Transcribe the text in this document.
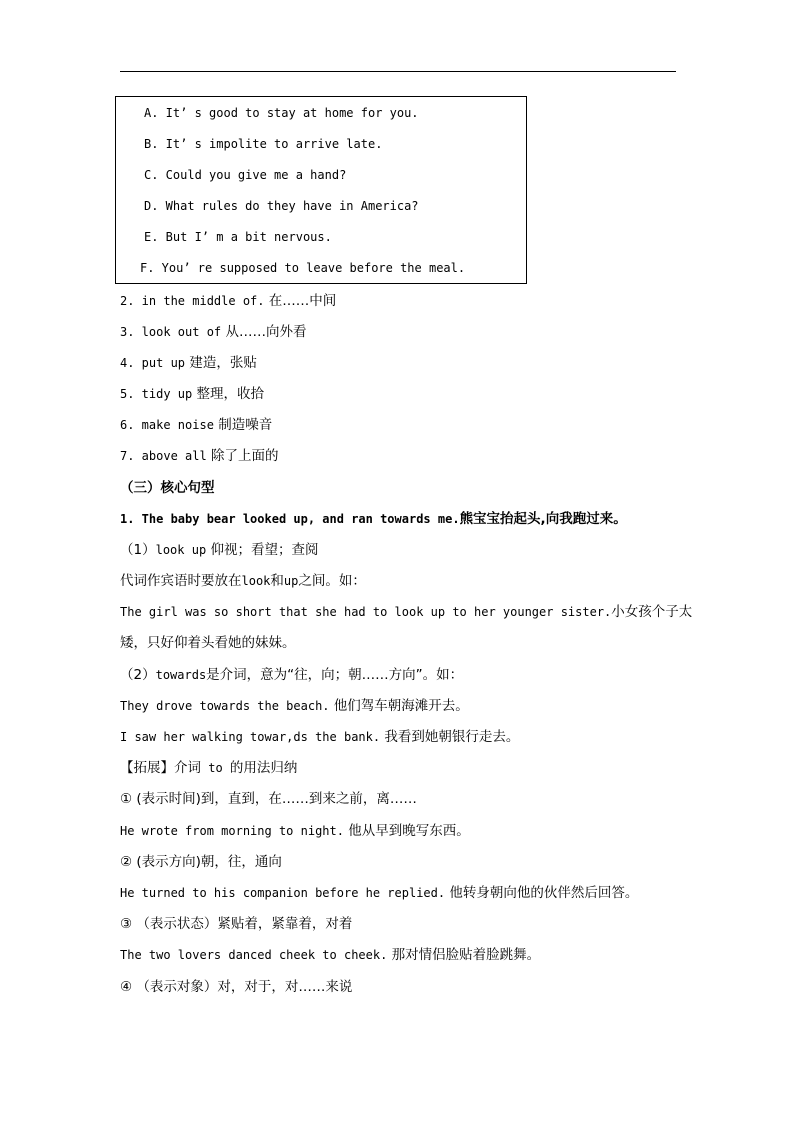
A. It’ s good to stay at home for you.
B. It’ s impolite to arrive late.
C. Could you give me a hand?
D. What rules do they have in America?
E. But I’ m a bit nervous.
F. You’ re supposed to leave before the meal.
2. in the middle of. 在……中间
3. look out of 从……向外看
4. put up 建造，张贴
5. tidy up 整理，收拾
6. make noise 制造噪音
7. above all 除了上面的
（三）核心句型
1. The baby bear looked up, and ran towards me.熊宝宝抬起头,向我跑过来。
（1）look up 仰视；看望；查阅
代词作宾语时要放在look和up之间。如：
The girl was so short that she had to look up to her younger sister.小女孩个子太
矮，只好仰着头看她的妹妹。
（2）towards是介词，意为“往，向；朝……方向”。如：
They drove towards the beach. 他们驾车朝海滩开去。
I saw her walking towar,ds the bank. 我看到她朝银行走去。
【拓展】介词 to 的用法归纳
① (表示时间)到，直到，在……到来之前，离……
He wrote from morning to night. 他从早到晚写东西。
② (表示方向)朝，往，通向
He turned to his companion before he replied. 他转身朝向他的伙伴然后回答。
③ （表示状态）紧贴着，紧靠着，对着
The two lovers danced cheek to cheek. 那对情侣脸贴着脸跳舞。
④ （表示对象）对，对于，对……来说
